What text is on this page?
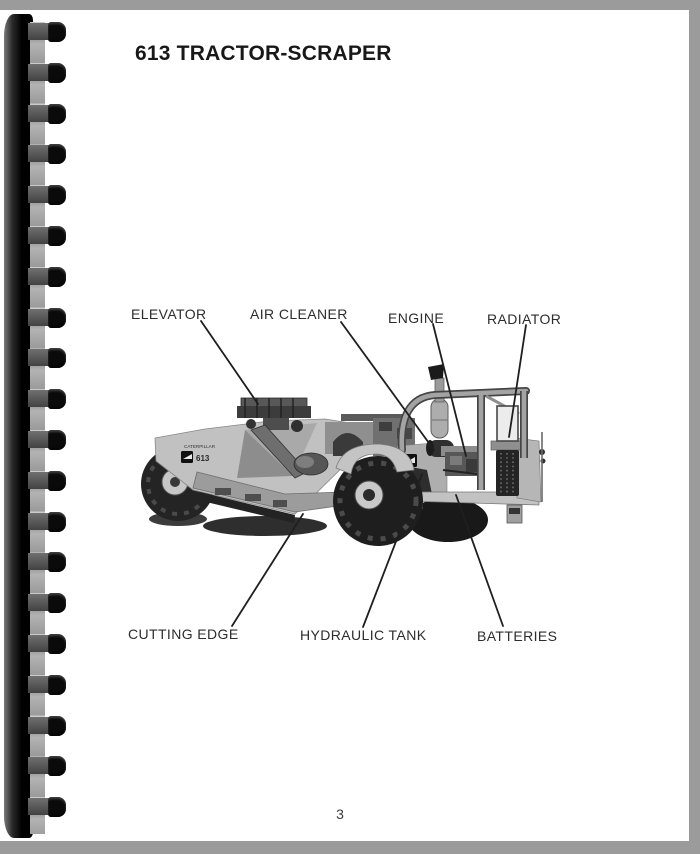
613 TRACTOR-SCRAPER
CATERPILLAR
613
ELEVATOR	AIR CLEANER	ENGINE	RADIATOR
CUTTING EDGE	HYDRAULIC TANK	BATTERIES
3
